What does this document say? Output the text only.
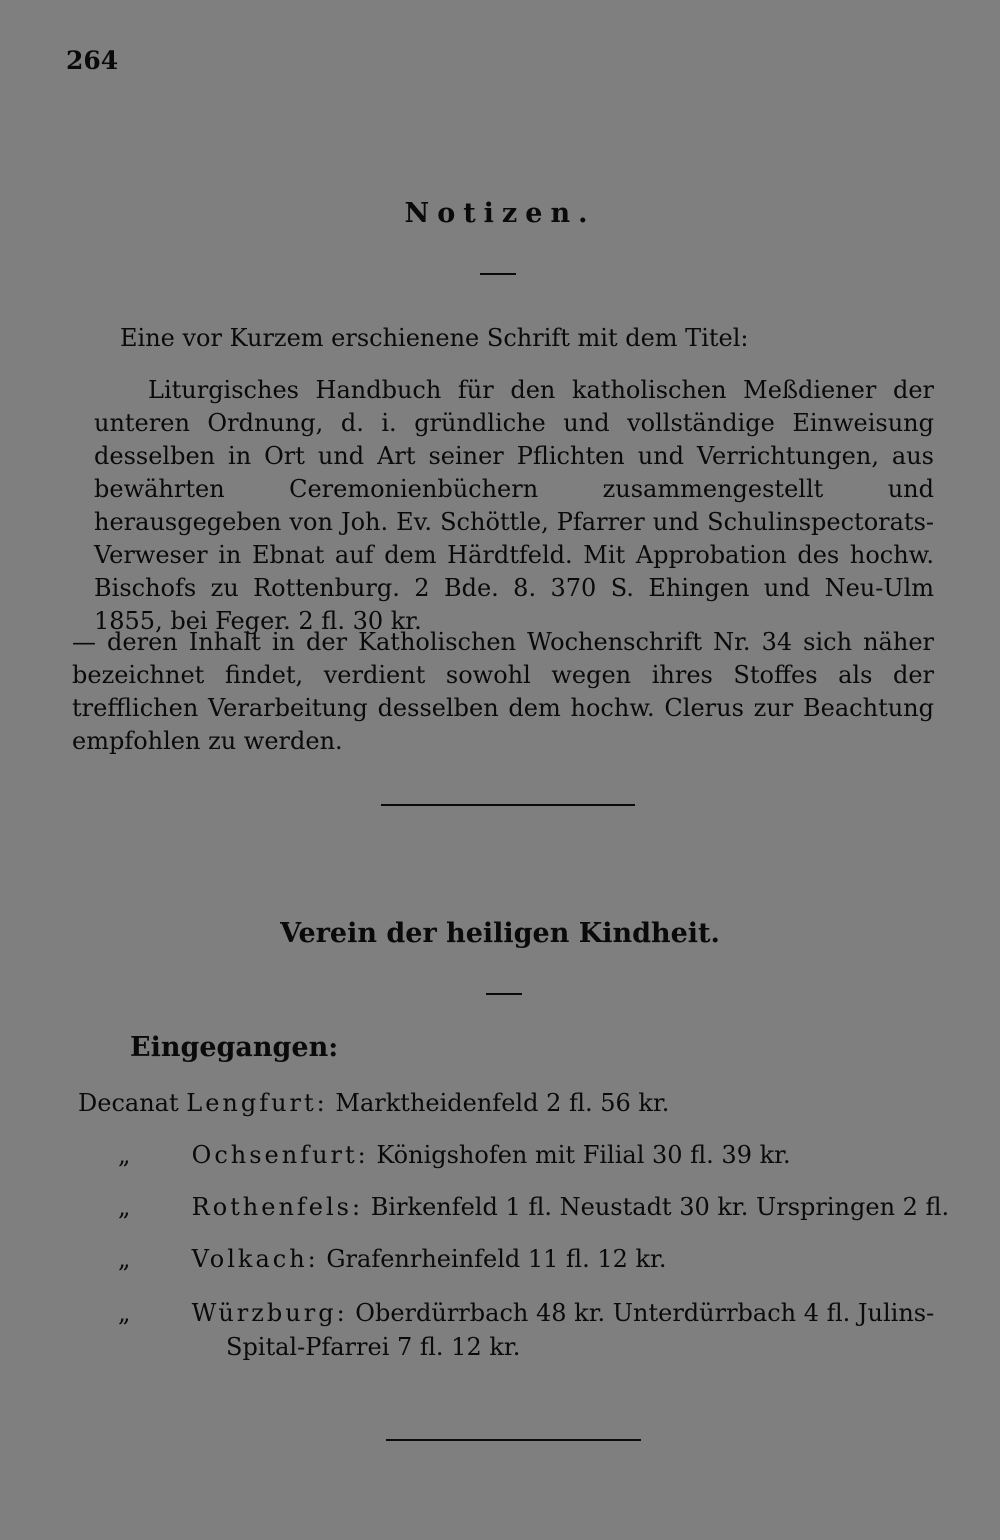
264
Notizen.
Eine vor Kurzem erschienene Schrift mit dem Titel:
Liturgisches Handbuch für den katholischen Meßdiener der unteren Ordnung, d. i. gründliche und vollständige Einweisung desselben in Ort und Art seiner Pflichten und Verrichtungen, aus bewährten Ceremonienbüchern zusammengestellt und herausgegeben von Joh. Ev. Schöttle, Pfarrer und Schulinspectorats-Verweser in Ebnat auf dem Härdtfeld. Mit Approbation des hochw. Bischofs zu Rottenburg. 2 Bde. 8. 370 S. Ehingen und Neu-Ulm 1855, bei Feger. 2 fl. 30 kr.
— deren Inhalt in der Katholischen Wochenschrift Nr. 34 sich näher bezeichnet findet, verdient sowohl wegen ihres Stoffes als der trefflichen Verarbeitung desselben dem hochw. Clerus zur Beachtung empfohlen zu werden.
Verein der heiligen Kindheit.
Eingegangen:
Decanat Lengfurt: Marktheidenfeld 2 fl. 56 kr.
„	Ochsenfurt: Königshofen mit Filial 30 fl. 39 kr.
„	Rothenfels: Birkenfeld 1 fl. Neustadt 30 kr. Urspringen 2 fl.
„	Volkach: Grafenrheinfeld 11 fl. 12 kr.
„	Würzburg: Oberdürrbach 48 kr. Unterdürrbach 4 fl. Julins-
Spital-Pfarrei 7 fl. 12 kr.
